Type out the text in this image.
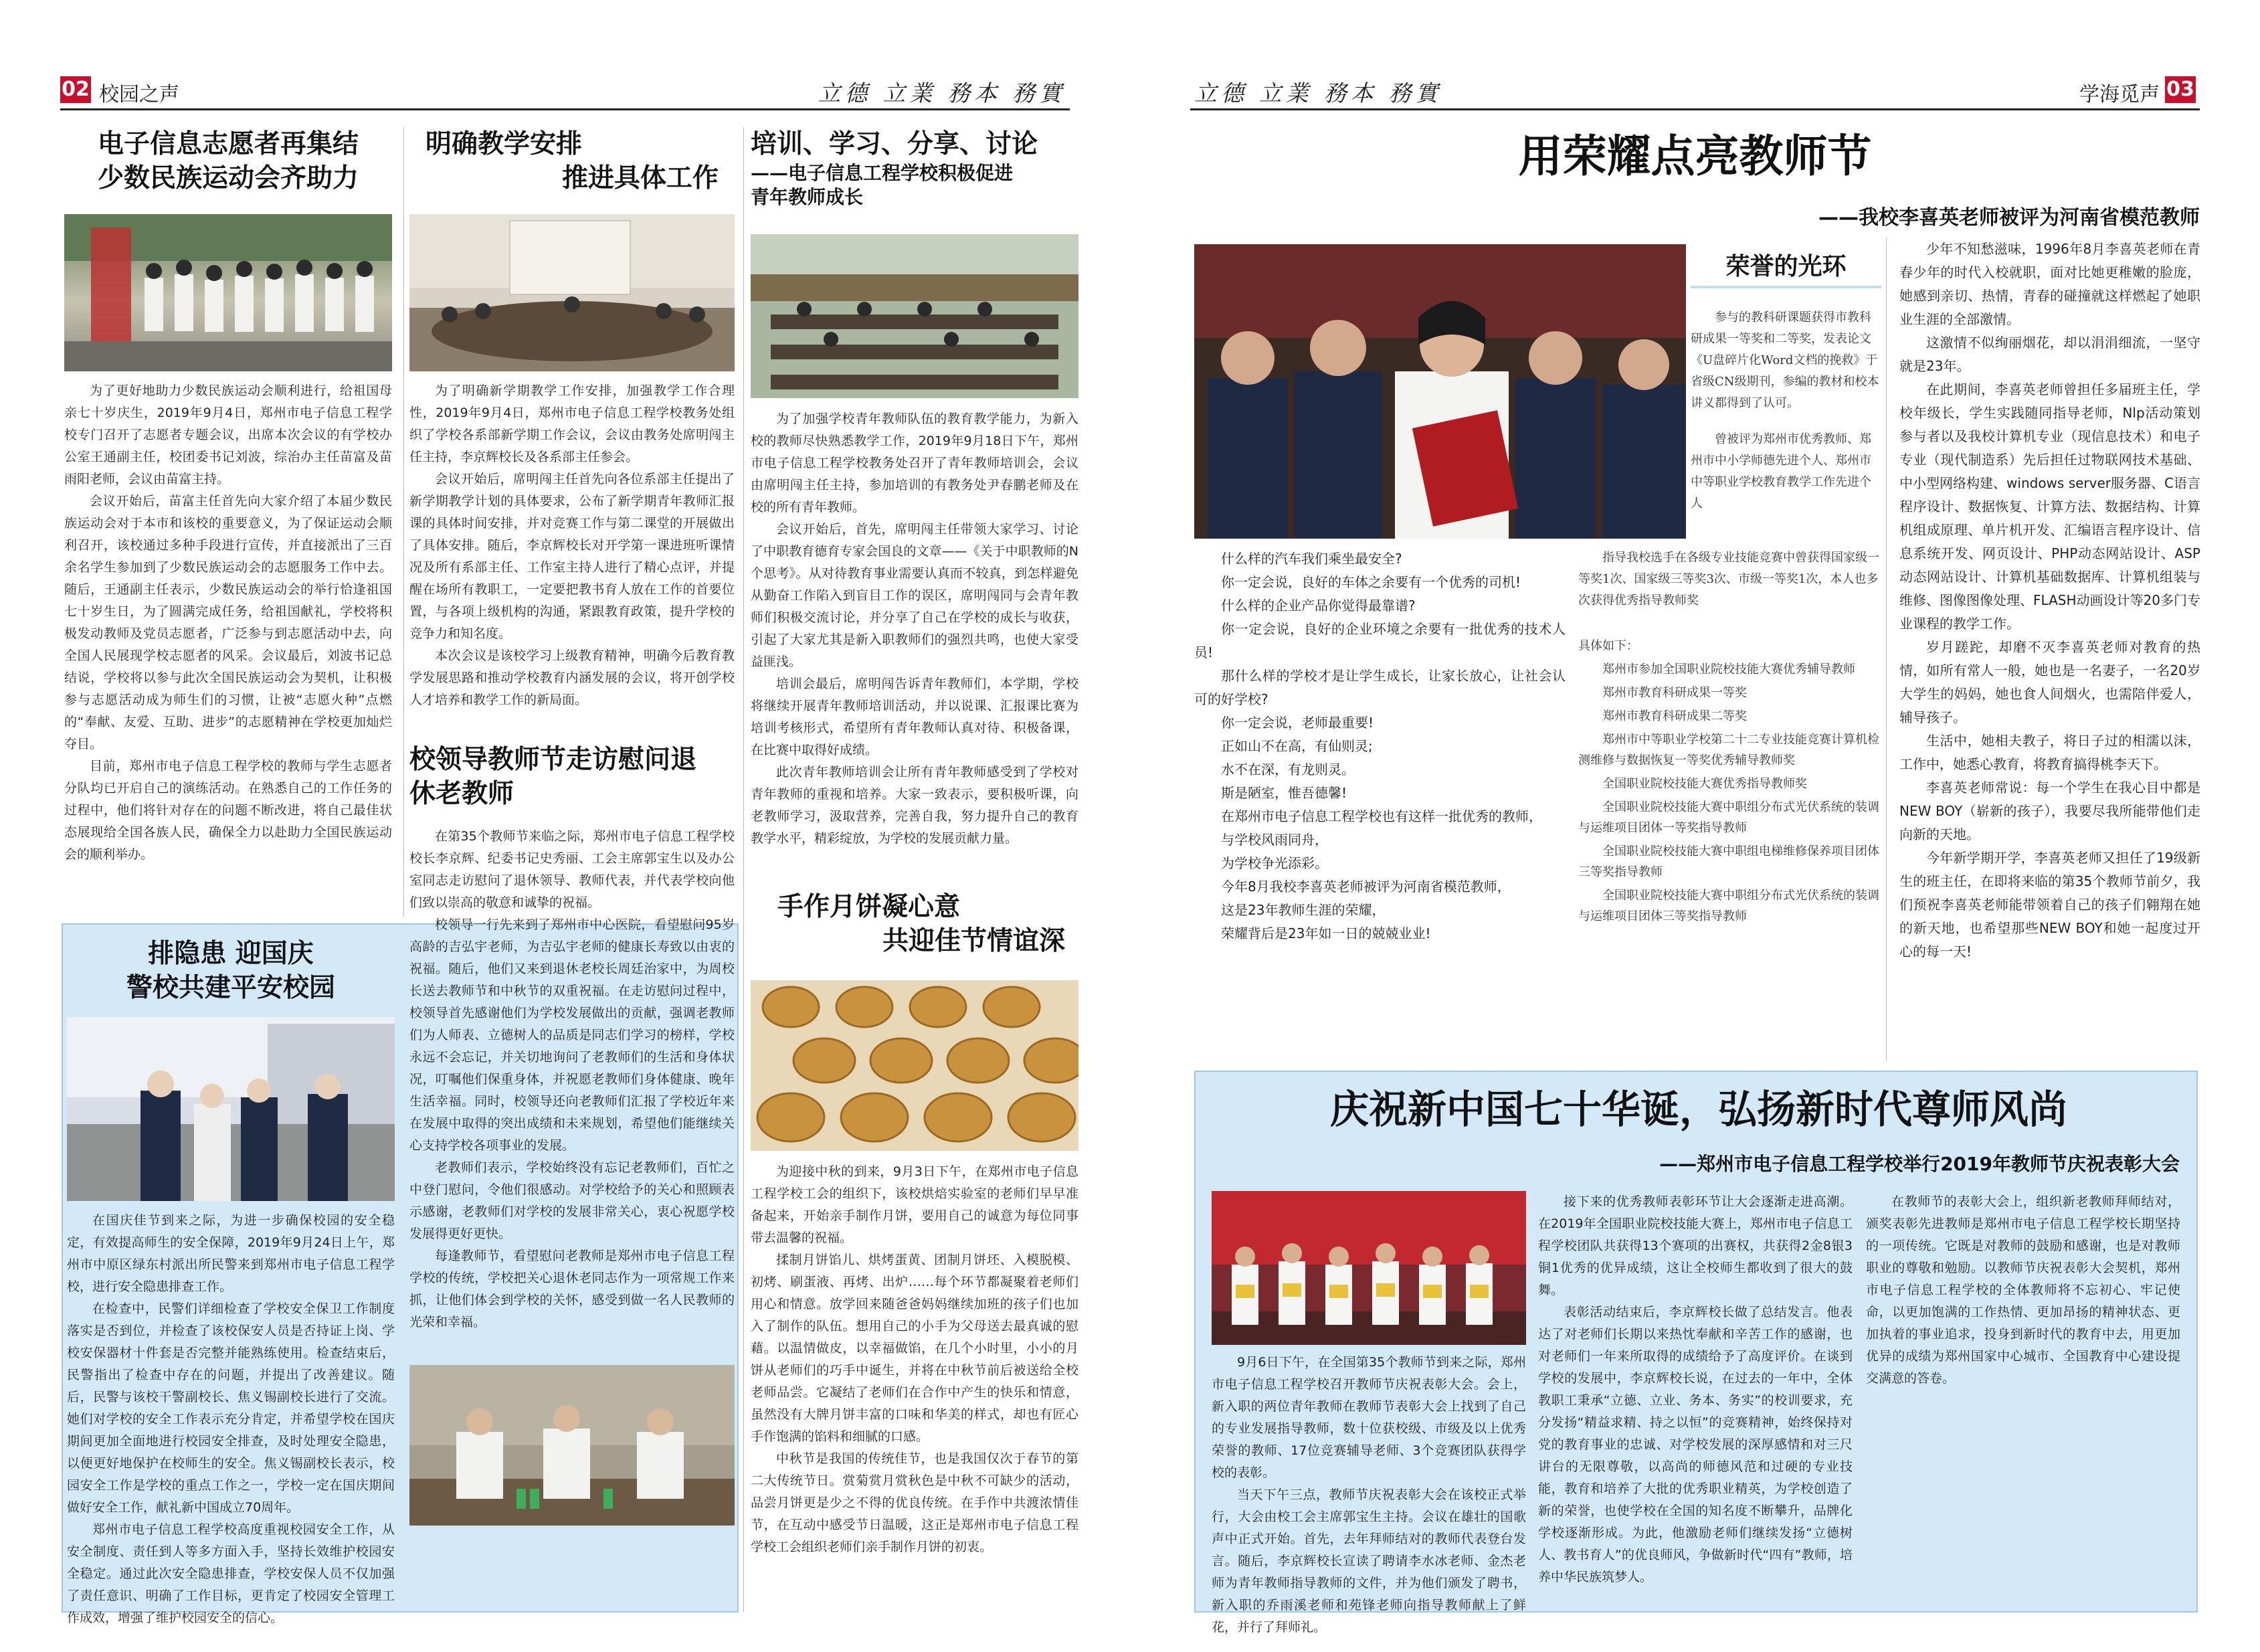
02 校园之声	立德 立業 務本 務實
电子信息志愿者再集结
少数民族运动会齐助力

为了更好地助力少数民族运动会顺利进行，给祖国母亲七十岁庆生，2019年9月4日，郑州市电子信息工程学校专门召开了志愿者专题会议，出席本次会议的有学校办公室王通副主任，校团委书记刘波，综治办主任苗富及苗雨阳老师，会议由苗富主持。

会议开始后，苗富主任首先向大家介绍了本届少数民族运动会对于本市和该校的重要意义，为了保证运动会顺利召开，该校通过多种手段进行宣传，并直接派出了三百余名学生参加到了少数民族运动会的志愿服务工作中去。随后，王通副主任表示，少数民族运动会的举行恰逢祖国七十岁生日，为了圆满完成任务，给祖国献礼，学校将积极发动教师及党员志愿者，广泛参与到志愿活动中去，向全国人民展现学校志愿者的风采。会议最后，刘波书记总结说，学校将以参与此次全国民族运动会为契机，让积极参与志愿活动成为师生们的习惯，让被“志愿火种”点燃的“奉献、友爱、互助、进步”的志愿精神在学校更加灿烂夺目。

目前，郑州市电子信息工程学校的教师与学生志愿者分队均已开启自己的演练活动。在熟悉自己的工作任务的过程中，他们将针对存在的问题不断改进，将自己最佳状态展现给全国各族人民，确保全力以赴助力全国民族运动会的顺利举办。

排隐患 迎国庆
警校共建平安校园

在国庆佳节到来之际，为进一步确保校园的安全稳定，有效提高师生的安全保障，2019年9月24日上午，郑州市中原区绿东村派出所民警来到郑州市电子信息工程学校，进行安全隐患排查工作。

在检查中，民警们详细检查了学校安全保卫工作制度落实是否到位，并检查了该校保安人员是否持证上岗、学校安保器材十件套是否完整并能熟练使用。检查结束后，民警指出了检查中存在的问题，并提出了改善建议。随后，民警与该校干警副校长、焦义锡副校长进行了交流。她们对学校的安全工作表示充分肯定，并希望学校在国庆期间更加全面地进行校园安全排查，及时处理安全隐患，以便更好地保护在校师生的安全。焦义锡副校长表示，校园安全工作是学校的重点工作之一，学校一定在国庆期间做好安全工作，献礼新中国成立70周年。

郑州市电子信息工程学校高度重视校园安全工作，从安全制度、责任到人等多方面入手，坚持长效维护校园安全稳定。通过此次安全隐患排查，学校安保人员不仅加强了责任意识、明确了工作目标，更肯定了校园安全管理工作成效，增强了维护校园安全的信心。

明确教学安排
推进具体工作

为了明确新学期教学工作安排，加强教学工作合理性，2019年9月4日，郑州市电子信息工程学校教务处组织了学校各系部新学期工作会议，会议由教务处席明闯主任主持，李京辉校长及各系部主任参会。

会议开始后，席明闯主任首先向各位系部主任提出了新学期教学计划的具体要求，公布了新学期青年教师汇报课的具体时间安排，并对竞赛工作与第二课堂的开展做出了具体安排。随后，李京辉校长对开学第一课进班听课情况及所有系部主任、工作室主持人进行了精心点评，并提醒在场所有教职工，一定要把教书育人放在工作的首要位置，与各项上级机构的沟通，紧跟教育政策，提升学校的竞争力和知名度。

本次会议是该校学习上级教育精神，明确今后教育教学发展思路和推动学校教育内涵发展的会议，将开创学校人才培养和教学工作的新局面。

校领导教师节走访慰问退
休老教师

在第35个教师节来临之际，郑州市电子信息工程学校校长李京辉、纪委书记史秀丽、工会主席郭宝生以及办公室同志走访慰问了退休领导、教师代表，并代表学校向他们致以崇高的敬意和诚挚的祝福。

校领导一行先来到了郑州市中心医院，看望慰问95岁高龄的吉弘宇老师，为吉弘宇老师的健康长寿致以由衷的祝福。随后，他们又来到退休老校长周廷治家中，为周校长送去教师节和中秋节的双重祝福。在走访慰问过程中，校领导首先感谢他们为学校发展做出的贡献，强调老教师们为人师表、立德树人的品质是同志们学习的榜样，学校永远不会忘记，并关切地询问了老教师们的生活和身体状况，叮嘱他们保重身体，并祝愿老教师们身体健康、晚年生活幸福。同时，校领导还向老教师们汇报了学校近年来在发展中取得的突出成绩和未来规划，希望他们能继续关心支持学校各项事业的发展。

老教师们表示，学校始终没有忘记老教师们，百忙之中登门慰问，令他们很感动。对学校给予的关心和照顾表示感谢，老教师们对学校的发展非常关心，衷心祝愿学校发展得更好更快。

每逢教师节，看望慰问老教师是郑州市电子信息工程学校的传统，学校把关心退休老同志作为一项常规工作来抓，让他们体会到学校的关怀，感受到做一名人民教师的光荣和幸福。

培训、学习、分享、讨论
——电子信息工程学校积极促进
青年教师成长

为了加强学校青年教师队伍的教育教学能力，为新入校的教师尽快熟悉教学工作，2019年9月18日下午，郑州市电子信息工程学校教务处召开了青年教师培训会，会议由席明闯主任主持，参加培训的有教务处尹春鹏老师及在校的所有青年教师。

会议开始后，首先，席明闯主任带领大家学习、讨论了中职教育德育专家会国良的文章——《关于中职教师的N个思考》。从对待教育事业需要认真而不较真，到怎样避免从勤奋工作陷入到盲目工作的误区，席明闯同与会青年教师们积极交流讨论，并分享了自己在学校的成长与收获，引起了大家尤其是新入职教师们的强烈共鸣，也使大家受益匪浅。

培训会最后，席明闯告诉青年教师们，本学期，学校将继续开展青年教师培训活动，并以说课、汇报课比赛为培训考核形式，希望所有青年教师认真对待、积极备课，在比赛中取得好成绩。

此次青年教师培训会让所有青年教师感受到了学校对青年教师的重视和培养。大家一致表示，要积极听课，向老教师学习，汲取营养，完善自我，努力提升自己的教育教学水平，精彩绽放，为学校的发展贡献力量。

手作月饼凝心意
共迎佳节情谊深

为迎接中秋的到来，9月3日下午，在郑州市电子信息工程学校工会的组织下，该校烘焙实验室的老师们早早准备起来，开始亲手制作月饼，要用自己的诚意为每位同事带去温馨的祝福。

揉制月饼馅儿、烘烤蛋黄、团制月饼坯、入模脱模、初烤、刷蛋液、再烤、出炉……每个环节都凝聚着老师们用心和情意。放学回来随爸爸妈妈继续加班的孩子们也加入了制作的队伍。想用自己的小手为父母送去最真诚的慰藉。以温情做皮，以幸福做馅，在几个小时里，小小的月饼从老师们的巧手中诞生，并将在中秋节前后被送给全校老师品尝。它凝结了老师们在合作中产生的快乐和情意，虽然没有大牌月饼丰富的口味和华美的样式，却也有匠心手作饱满的馅料和细腻的口感。

中秋节是我国的传统佳节，也是我国仅次于春节的第二大传统节日。赏菊赏月赏秋色是中秋不可缺少的活动，品尝月饼更是少之不得的优良传统。在手作中共渡浓情佳节，在互动中感受节日温暖，这正是郑州市电子信息工程学校工会组织老师们亲手制作月饼的初衷。

立德 立業 務本 務實	学海觅声 03
用荣耀点亮教师节
——我校李喜英老师被评为河南省模范教师
荣誉的光环
参与的教科研课题获得市教科研成果一等奖和二等奖，发表论文《U盘碎片化Word文档的挽救》于省级CN级期刊，参编的教材和校本讲义都得到了认可。
曾被评为郑州市优秀教师、郑州市中小学师德先进个人、郑州市中等职业学校教育教学工作先进个人

什么样的汽车我们乘坐最安全?

你一定会说，良好的车体之余要有一个优秀的司机!

什么样的企业产品你觉得最靠谱?

你一定会说，良好的企业环境之余要有一批优秀的技术人员!

那什么样的学校才是让学生成长，让家长放心，让社会认可的好学校?

你一定会说，老师最重要!

正如山不在高，有仙则灵;

水不在深，有龙则灵。

斯是陋室，惟吾德馨!

在郑州市电子信息工程学校也有这样一批优秀的教师，

与学校风雨同舟，

为学校争光添彩。

今年8月我校李喜英老师被评为河南省模范教师，

这是23年教师生涯的荣耀，

荣耀背后是23年如一日的兢兢业业!

指导我校选手在各级专业技能竞赛中曾获得国家级一等奖1次、国家级三等奖3次、市级一等奖1次，本人也多次获得优秀指导教师奖

具体如下：

郑州市参加全国职业院校技能大赛优秀辅导教师

郑州市教育科研成果一等奖

郑州市教育科研成果二等奖

郑州市中等职业学校第二十二专业技能竞赛计算机检测维修与数据恢复一等奖优秀辅导教师奖

全国职业院校技能大赛优秀指导教师奖

全国职业院校技能大赛中职组分布式光伏系统的装调与运维项目团体一等奖指导教师

全国职业院校技能大赛中职组电梯维修保养项目团体三等奖指导教师

全国职业院校技能大赛中职组分布式光伏系统的装调与运维项目团体三等奖指导教师

少年不知愁滋味，1996年8月李喜英老师在青春少年的时代入校就职，面对比她更稚嫩的脸庞，她感到亲切、热情，青春的碰撞就这样燃起了她职业生涯的全部激情。

这激情不似绚丽烟花，却以涓涓细流，一坚守就是23年。

在此期间，李喜英老师曾担任多届班主任，学校年级长，学生实践随同指导老师，Nlp活动策划参与者以及我校计算机专业（现信息技术）和电子专业（现代制造系）先后担任过物联网技术基础、中小型网络构建、windows server服务器、C语言程序设计、数据恢复、计算方法、数据结构、计算机组成原理、单片机开发、汇编语言程序设计、信息系统开发、网页设计、PHP动态网站设计、ASP动态网站设计、计算机基础数据库、计算机组装与维修、图像图像处理、FLASH动画设计等20多门专业课程的教学工作。

岁月蹉跎，却磨不灭李喜英老师对教育的热情，如所有常人一般，她也是一名妻子，一名20岁大学生的妈妈，她也食人间烟火，也需陪伴爱人，辅导孩子。

生活中，她相夫教子，将日子过的相濡以沫，工作中，她悉心教育，将教育搞得桃李天下。

李喜英老师常说：每一个学生在我心目中都是NEW BOY（崭新的孩子），我要尽我所能带他们走向新的天地。

今年新学期开学，李喜英老师又担任了19级新生的班主任，在即将来临的第35个教师节前夕，我们预祝李喜英老师能带领着自己的孩子们翱翔在她的新天地，也希望那些NEW BOY和她一起度过开心的每一天!

庆祝新中国七十华诞，弘扬新时代尊师风尚
——郑州市电子信息工程学校举行2019年教师节庆祝表彰大会

9月6日下午，在全国第35个教师节到来之际，郑州市电子信息工程学校召开教师节庆祝表彰大会。会上，新入职的两位青年教师在教师节表彰大会上找到了自己的专业发展指导教师，数十位获校级、市级及以上优秀荣誉的教师、17位竞赛辅导老师、3个竞赛团队获得学校的表彰。

当天下午三点，教师节庆祝表彰大会在该校正式举行，大会由校工会主席郭宝生主持。会议在雄壮的国歌声中正式开始。首先，去年拜师结对的教师代表登台发言。随后，李京辉校长宣读了聘请李水冰老师、金杰老师为青年教师指导教师的文件，并为他们颁发了聘书，新入职的乔雨溪老师和苑锋老师向指导教师献上了鲜花，并行了拜师礼。

接下来的优秀教师表彰环节让大会逐渐走进高潮。在2019年全国职业院校技能大赛上，郑州市电子信息工程学校团队共获得13个赛项的出赛权，共获得2金8银3铜1优秀的优异成绩，这让全校师生都收到了很大的鼓舞。

表彰活动结束后，李京辉校长做了总结发言。他表达了对老师们长期以来热忱奉献和辛苦工作的感谢，也对老师们一年来所取得的成绩给予了高度评价。在谈到学校的发展中，李京辉校长说，在过去的一年中，全体教职工秉承“立德、立业、务本、务实”的校训要求，充分发扬“精益求精、持之以恒”的竞赛精神，始终保持对党的教育事业的忠诚、对学校发展的深厚感情和对三尺讲台的无限尊敬，以高尚的师德风范和过硬的专业技能，教育和培养了大批的优秀职业精英，为学校创造了新的荣誉，也使学校在全国的知名度不断攀升，品牌化学校逐渐形成。为此，他激励老师们继续发扬“立德树人、教书育人”的优良师风，争做新时代“四有”教师，培养中华民族筑梦人。

在教师节的表彰大会上，组织新老教师拜师结对，颁奖表彰先进教师是郑州市电子信息工程学校长期坚持的一项传统。它既是对教师的鼓励和感谢，也是对教师职业的尊敬和勉励。以教师节庆祝表彰大会契机，郑州市电子信息工程学校的全体教师将不忘初心、牢记使命，以更加饱满的工作热情、更加昂扬的精神状态、更加执着的事业追求，投身到新时代的教育中去，用更加优异的成绩为郑州国家中心城市、全国教育中心建设提交满意的答卷。
